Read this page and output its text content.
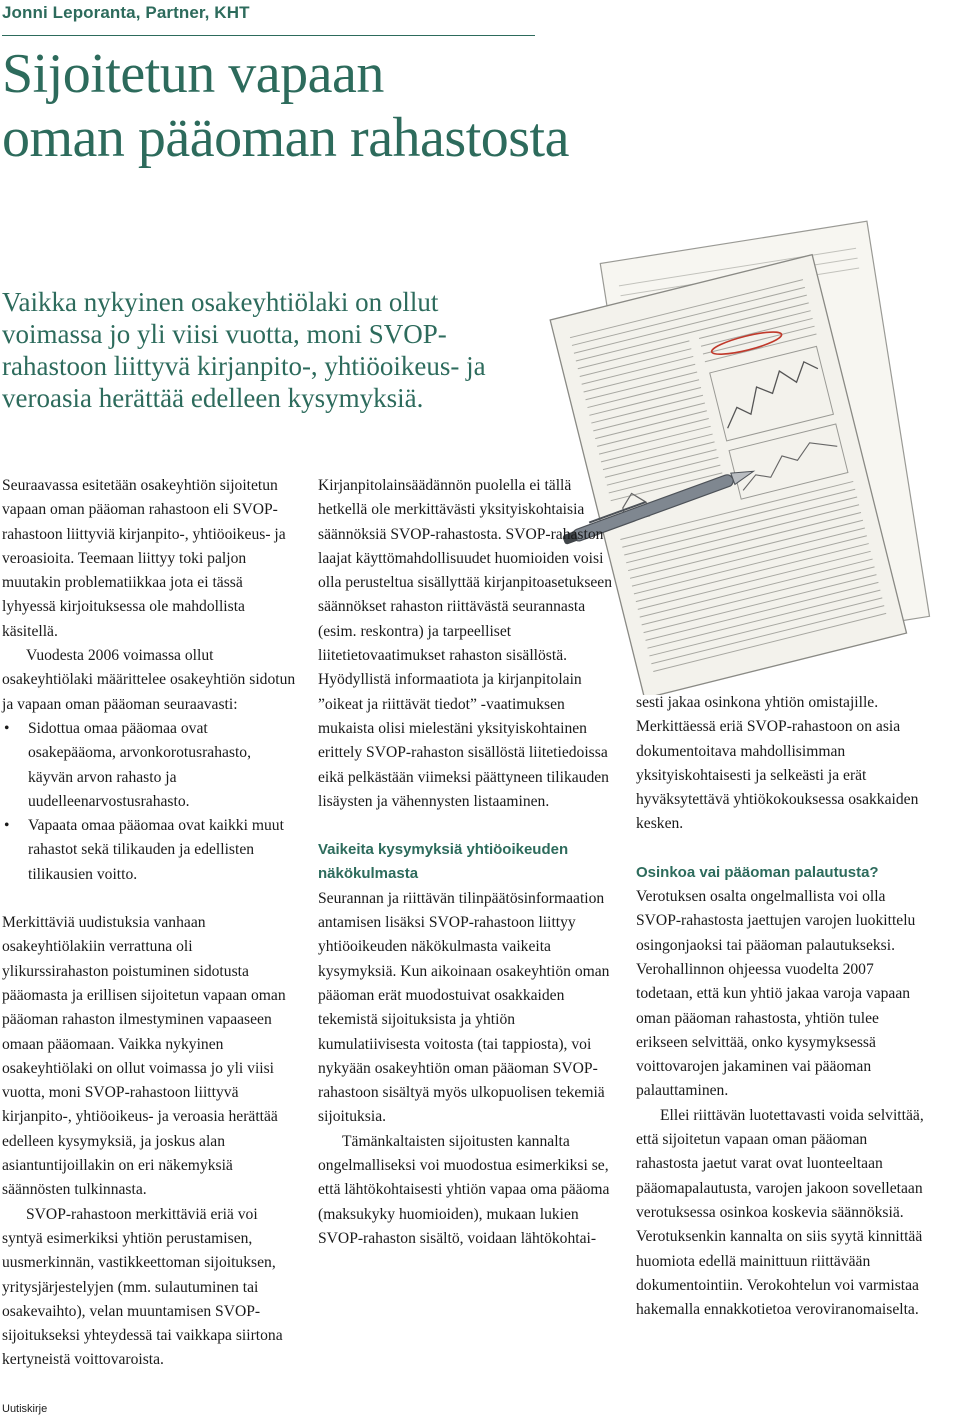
Jonni Leporanta, Partner, KHT
Sijoitetun vapaan
oman pääoman rahastosta

Vaikka nykyinen osakeyhtiölaki on ollut voimassa jo yli viisi vuotta, moni SVOP-rahastoon liittyvä kirjanpito-, yhtiöoikeus- ja veroasia herättää edelleen kysymyksiä.

Seuraavassa esitetään osakeyhtiön sijoitetun vapaan oman pääoman rahastoon eli SVOP-rahastoon liittyviä kirjanpito-, yhtiöoikeus- ja veroasioita. Teemaan liittyy toki paljon muutakin problematiikkaa jota ei tässä lyhyessä kirjoituksessa ole mahdollista käsitellä.

Vuodesta 2006 voimassa ollut osakeyhtiölaki määrittelee osakeyhtiön sidotun ja vapaan oman pääoman seuraavasti:

• Sidottua omaa pääomaa ovat osakepääoma, arvonkorotusrahasto, käyvän arvon rahasto ja uudelleenarvostusrahasto.
• Vapaata omaa pääomaa ovat kaikki muut rahastot sekä tilikauden ja edellisten tilikausien voitto.

Merkittäviä uudistuksia vanhaan osakeyhtiölakiin verrattuna oli ylikurssirahaston poistuminen sidotusta pääomasta ja erillisen sijoitetun vapaan oman pääoman rahaston ilmestyminen vapaaseen omaan pääomaan. Vaikka nykyinen osakeyhtiölaki on ollut voimassa jo yli viisi vuotta, moni SVOP-rahastoon liittyvä kirjanpito-, yhtiöoikeus- ja veroasia herättää edelleen kysymyksiä, ja joskus alan asiantuntijoillakin on eri näkemyksiä säännösten tulkinnasta.

SVOP-rahastoon merkittäviä eriä voi syntyä esimerkiksi yhtiön perustamisen, uusmerkinnän, vastikkeettoman sijoituksen, yritysjärjestelyjen (mm. sulautuminen tai osakevaihto), velan muuntamisen SVOP-sijoitukseksi yhteydessä tai vaikkapa siirtona kertyneistä voittovaroista.

Kirjanpitolainsäädännön puolella ei tällä hetkellä ole merkittävästi yksityiskohtaisia säännöksiä SVOP-rahastosta. SVOP-rahaston laajat käyttömahdollisuudet huomioiden voisi olla perusteltua sisällyttää kirjanpitoasetukseen säännökset rahaston riittävästä seurannasta (esim. reskontra) ja tarpeelliset liitetietovaatimukset rahaston sisällöstä. Hyödyllistä informaatiota ja kirjanpitolain ”oikeat ja riittävät tiedot” -vaatimuksen mukaista olisi mielestäni yksityiskohtainen erittely SVOP-rahaston sisällöstä liitetiedoissa eikä pelkästään viimeksi päättyneen tilikauden lisäysten ja vähennysten listaaminen.

Vaikeita kysymyksiä yhtiöoikeuden näkökulmasta

Seurannan ja riittävän tilinpäätösinformaation antamisen lisäksi SVOP-rahastoon liittyy yhtiöoikeuden näkökulmasta vaikeita kysymyksiä. Kun aikoinaan osakeyhtiön oman pääoman erät muodostuivat osakkaiden tekemistä sijoituksista ja yhtiön kumulatiivisesta voitosta (tai tappiosta), voi nykyään osakeyhtiön oman pääoman SVOP-rahastoon sisältyä myös ulkopuolisen tekemiä sijoituksia.

Tämänkaltaisten sijoitusten kannalta ongelmalliseksi voi muodostua esimerkiksi se, että lähtökohtaisesti yhtiön vapaa oma pääoma (maksukyky huomioiden), mukaan lukien SVOP-rahaston sisältö, voidaan lähtökohtai-

sesti jakaa osinkona yhtiön omistajille. Merkittäessä eriä SVOP-rahastoon on asia dokumentoitava mahdollisimman yksityiskohtaisesti ja selkeästi ja erät hyväksytettävä yhtiökokouksessa osakkaiden kesken.

Osinkoa vai pääoman palautusta?

Verotuksen osalta ongelmallista voi olla SVOP-rahastosta jaettujen varojen luokittelu osingonjaoksi tai pääoman palautukseksi. Verohallinnon ohjeessa vuodelta 2007 todetaan, että kun yhtiö jakaa varoja vapaan oman pääoman rahastosta, yhtiön tulee erikseen selvittää, onko kysymyksessä voittovarojen jakaminen vai pääoman palauttaminen.

Ellei riittävän luotettavasti voida selvittää, että sijoitetun vapaan oman pääoman rahastosta jaetut varat ovat luonteeltaan pääomapalautusta, varojen jakoon sovelletaan verotuksessa osinkoa koskevia säännöksiä. Verotuksenkin kannalta on siis syytä kinnittää huomiota edellä mainittuun riittävään dokumentointiin. Verokohtelun voi varmistaa hakemalla ennakkotietoa veroviranomaiselta.

Uutiskirje
